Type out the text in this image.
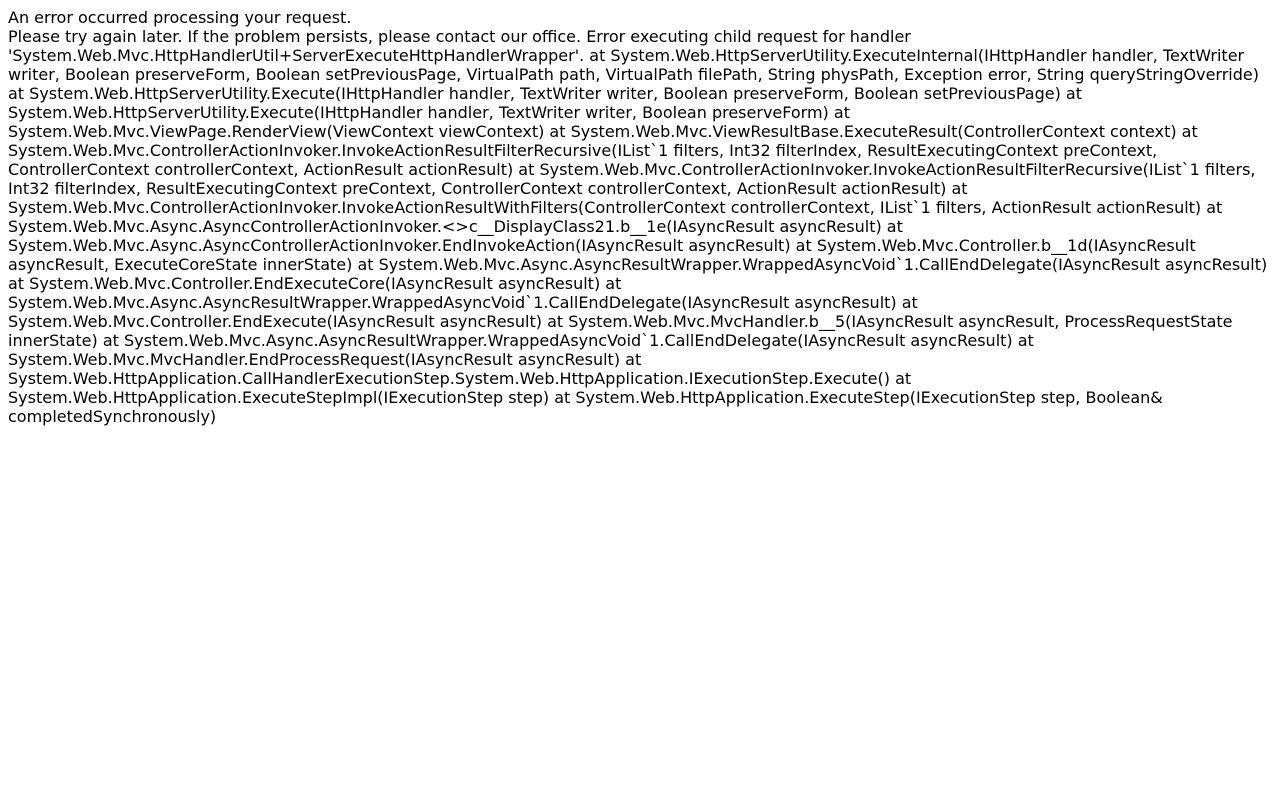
An error occurred processing your request.
Please try again later. If the problem persists, please contact our office. Error executing child request for handler
'System.Web.Mvc.HttpHandlerUtil+ServerExecuteHttpHandlerWrapper'. at System.Web.HttpServerUtility.ExecuteInternal(IHttpHandler handler, TextWriter
writer, Boolean preserveForm, Boolean setPreviousPage, VirtualPath path, VirtualPath filePath, String physPath, Exception error, String queryStringOverride)
at System.Web.HttpServerUtility.Execute(IHttpHandler handler, TextWriter writer, Boolean preserveForm, Boolean setPreviousPage) at
System.Web.HttpServerUtility.Execute(IHttpHandler handler, TextWriter writer, Boolean preserveForm) at
System.Web.Mvc.ViewPage.RenderView(ViewContext viewContext) at System.Web.Mvc.ViewResultBase.ExecuteResult(ControllerContext context) at
System.Web.Mvc.ControllerActionInvoker.InvokeActionResultFilterRecursive(IList`1 filters, Int32 filterIndex, ResultExecutingContext preContext,
ControllerContext controllerContext, ActionResult actionResult) at System.Web.Mvc.ControllerActionInvoker.InvokeActionResultFilterRecursive(IList`1 filters,
Int32 filterIndex, ResultExecutingContext preContext, ControllerContext controllerContext, ActionResult actionResult) at
System.Web.Mvc.ControllerActionInvoker.InvokeActionResultWithFilters(ControllerContext controllerContext, IList`1 filters, ActionResult actionResult) at
System.Web.Mvc.Async.AsyncControllerActionInvoker.<>c__DisplayClass21.b__1e(IAsyncResult asyncResult) at
System.Web.Mvc.Async.AsyncControllerActionInvoker.EndInvokeAction(IAsyncResult asyncResult) at System.Web.Mvc.Controller.b__1d(IAsyncResult
asyncResult, ExecuteCoreState innerState) at System.Web.Mvc.Async.AsyncResultWrapper.WrappedAsyncVoid`1.CallEndDelegate(IAsyncResult asyncResult)
at System.Web.Mvc.Controller.EndExecuteCore(IAsyncResult asyncResult) at
System.Web.Mvc.Async.AsyncResultWrapper.WrappedAsyncVoid`1.CallEndDelegate(IAsyncResult asyncResult) at
System.Web.Mvc.Controller.EndExecute(IAsyncResult asyncResult) at System.Web.Mvc.MvcHandler.b__5(IAsyncResult asyncResult, ProcessRequestState
innerState) at System.Web.Mvc.Async.AsyncResultWrapper.WrappedAsyncVoid`1.CallEndDelegate(IAsyncResult asyncResult) at
System.Web.Mvc.MvcHandler.EndProcessRequest(IAsyncResult asyncResult) at
System.Web.HttpApplication.CallHandlerExecutionStep.System.Web.HttpApplication.IExecutionStep.Execute() at
System.Web.HttpApplication.ExecuteStepImpl(IExecutionStep step) at System.Web.HttpApplication.ExecuteStep(IExecutionStep step, Boolean&
completedSynchronously)
